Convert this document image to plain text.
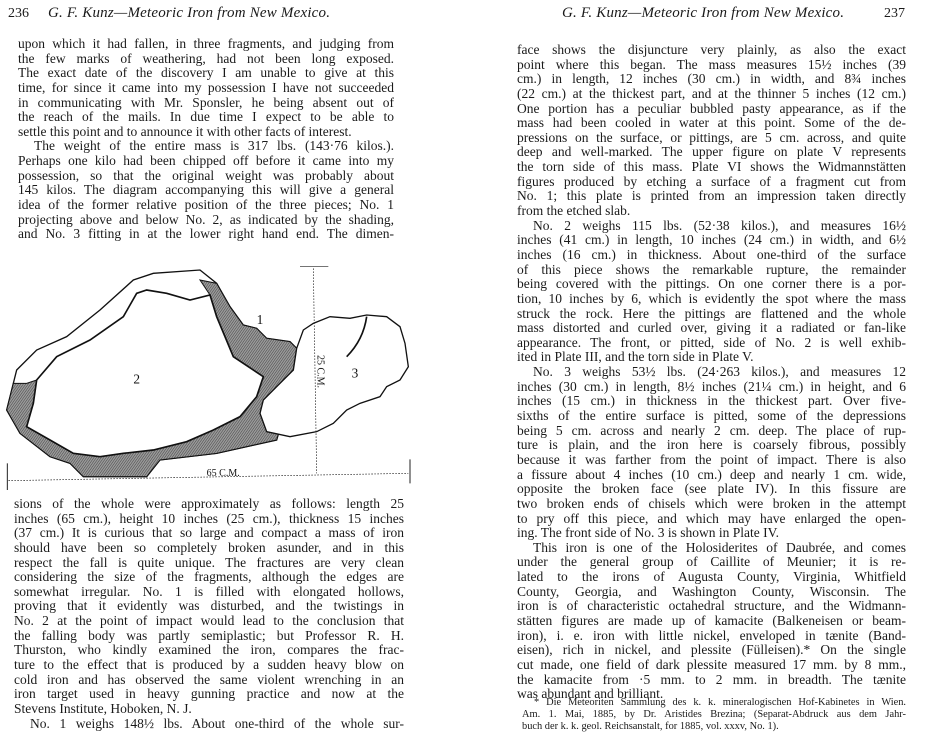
236 G. F. Kunz—Meteoric Iron from New Mexico.
upon which it had fallen, in three fragments, and judging from
the few marks of weathering, had not been long exposed.
The exact date of the discovery I am unable to give at this
time, for since it came into my possession I have not succeeded
in communicating with Mr. Sponsler, he being absent out of
the reach of the mails. In due time I expect to be able to
settle this point and to announce it with other facts of interest.
The weight of the entire mass is 317 lbs. (143·76 kilos.).
Perhaps one kilo had been chipped off before it came into my
possession, so that the original weight was probably about
145 kilos. The diagram accompanying this will give a general
idea of the former relative position of the three pieces; No. 1
projecting above and below No. 2, as indicated by the shading,
and No. 3 fitting in at the lower right hand end. The dimen-
1
2	3
25 C.M.
65 C.M.
sions of the whole were approximately as follows: length 25
inches (65 cm.), height 10 inches (25 cm.), thickness 15 inches
(37 cm.) It is curious that so large and compact a mass of iron
should have been so completely broken asunder, and in this
respect the fall is quite unique. The fractures are very clean
considering the size of the fragments, although the edges are
somewhat irregular. No. 1 is filled with elongated hollows,
proving that it evidently was disturbed, and the twistings in
No. 2 at the point of impact would lead to the conclusion that
the falling body was partly semiplastic; but Professor R. H.
Thurston, who kindly examined the iron, compares the frac-
ture to the effect that is produced by a sudden heavy blow on
cold iron and has observed the same violent wrenching in an
iron target used in heavy gunning practice and now at the
Stevens Institute, Hoboken, N. J.
No. 1 weighs 148½ lbs. About one-third of the whole sur-
G. F. Kunz—Meteoric Iron from New Mexico.	237
face shows the disjuncture very plainly, as also the exact
point where this began. The mass measures 15½ inches (39
cm.) in length, 12 inches (30 cm.) in width, and 8¾ inches
(22 cm.) at the thickest part, and at the thinner 5 inches (12 cm.)
One portion has a peculiar bubbled pasty appearance, as if the
mass had been cooled in water at this point. Some of the de-
pressions on the surface, or pittings, are 5 cm. across, and quite
deep and well-marked. The upper figure on plate V represents
the torn side of this mass. Plate VI shows the Widmannstätten
figures produced by etching a surface of a fragment cut from
No. 1; this plate is printed from an impression taken directly
from the etched slab.
No. 2 weighs 115 lbs. (52·38 kilos.), and measures 16½
inches (41 cm.) in length, 10 inches (24 cm.) in width, and 6½
inches (16 cm.) in thickness. About one-third of the surface
of this piece shows the remarkable rupture, the remainder
being covered with the pittings. On one corner there is a por-
tion, 10 inches by 6, which is evidently the spot where the mass
struck the rock. Here the pittings are flattened and the whole
mass distorted and curled over, giving it a radiated or fan-like
appearance. The front, or pitted, side of No. 2 is well exhib-
ited in Plate III, and the torn side in Plate V.
No. 3 weighs 53½ lbs. (24·263 kilos.), and measures 12
inches (30 cm.) in length, 8½ inches (21¼ cm.) in height, and 6
inches (15 cm.) in thickness in the thickest part. Over five-
sixths of the entire surface is pitted, some of the depressions
being 5 cm. across and nearly 2 cm. deep. The place of rup-
ture is plain, and the iron here is coarsely fibrous, possibly
because it was farther from the point of impact. There is also
a fissure about 4 inches (10 cm.) deep and nearly 1 cm. wide,
opposite the broken face (see plate IV). In this fissure are
two broken ends of chisels which were broken in the attempt
to pry off this piece, and which may have enlarged the open-
ing. The front side of No. 3 is shown in Plate IV.
This iron is one of the Holosiderites of Daubrée, and comes
under the general group of Caillite of Meunier; it is re-
lated to the irons of Augusta County, Virginia, Whitfield
County, Georgia, and Washington County, Wisconsin. The
iron is of characteristic octahedral structure, and the Widmann-
stätten figures are made up of kamacite (Balkeneisen or beam-
iron), i. e. iron with little nickel, enveloped in tænite (Band-
eisen), rich in nickel, and plessite (Fülleisen).* On the single
cut made, one field of dark plessite measured 17 mm. by 8 mm.,
the kamacite from ·5 mm. to 2 mm. in breadth. The tænite
was abundant and brilliant.
* Die Meteoriten Sammlung des k. k. mineralogischen Hof-Kabinetes in Wien.
Am. 1. Mai, 1885, by Dr. Aristides Brezina; (Separat-Abdruck aus dem Jahr-
buch der k. k. geol. Reichsanstalt, for 1885, vol. xxxv, No. 1).
